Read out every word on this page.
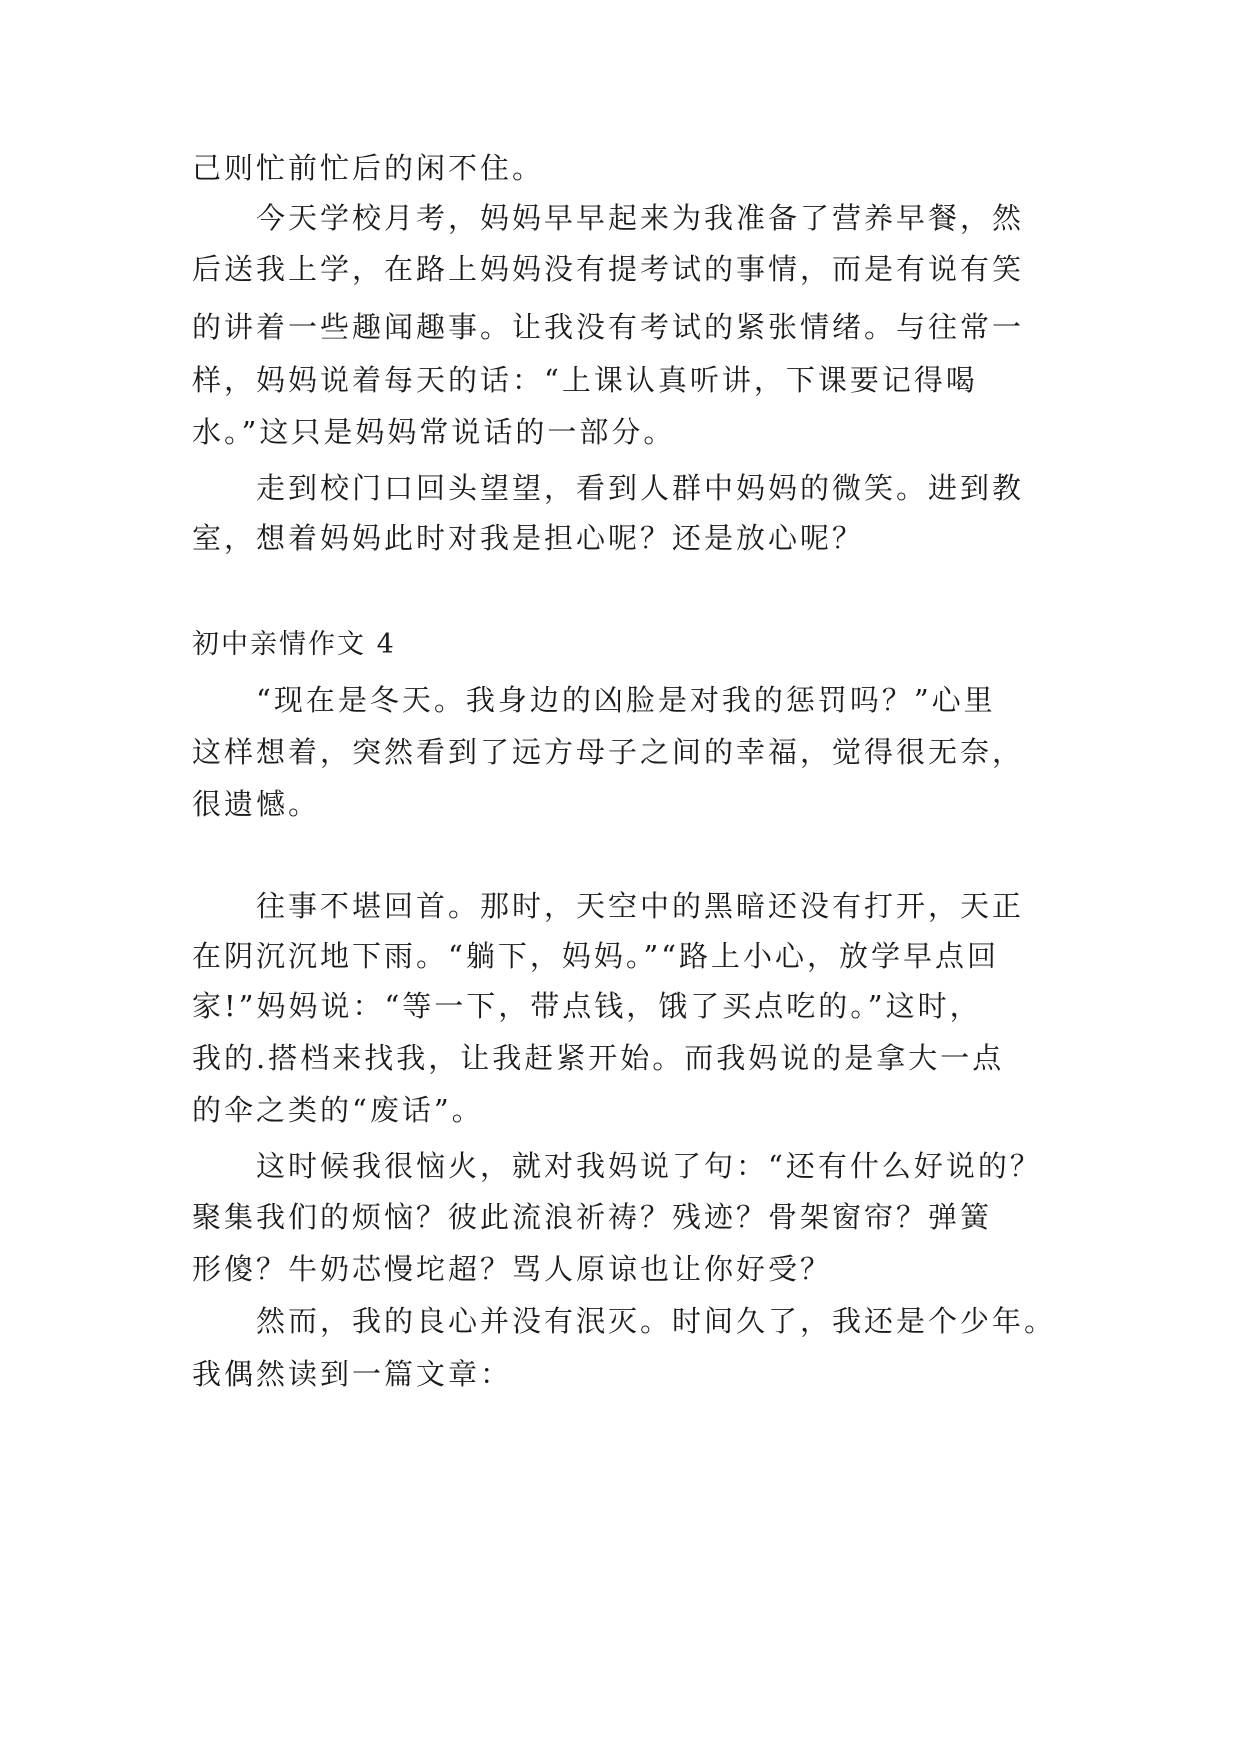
己则忙前忙后的闲不住。
　　今天学校月考，妈妈早早起来为我准备了营养早餐，然
后送我上学，在路上妈妈没有提考试的事情，而是有说有笑
的讲着一些趣闻趣事。让我没有考试的紧张情绪。与往常一
样，妈妈说着每天的话：“上课认真听讲，下课要记得喝
水。”这只是妈妈常说话的一部分。
　　走到校门口回头望望，看到人群中妈妈的微笑。进到教
室，想着妈妈此时对我是担心呢？还是放心呢？
初中亲情作文 4
　　“现在是冬天。我身边的凶脸是对我的惩罚吗？”心里
这样想着，突然看到了远方母子之间的幸福，觉得很无奈，
很遗憾。
　　往事不堪回首。那时，天空中的黑暗还没有打开，天正
在阴沉沉地下雨。“躺下，妈妈。”“路上小心，放学早点回
家!”妈妈说：“等一下，带点钱，饿了买点吃的。”这时，
我的.搭档来找我，让我赶紧开始。而我妈说的是拿大一点
的伞之类的“废话”。
　　这时候我很恼火，就对我妈说了句：“还有什么好说的？
聚集我们的烦恼？彼此流浪祈祷？残迹？骨架窗帘？弹簧
形傻？牛奶芯慢坨超？骂人原谅也让你好受？
　　然而，我的良心并没有泯灭。时间久了，我还是个少年。
我偶然读到一篇文章：
